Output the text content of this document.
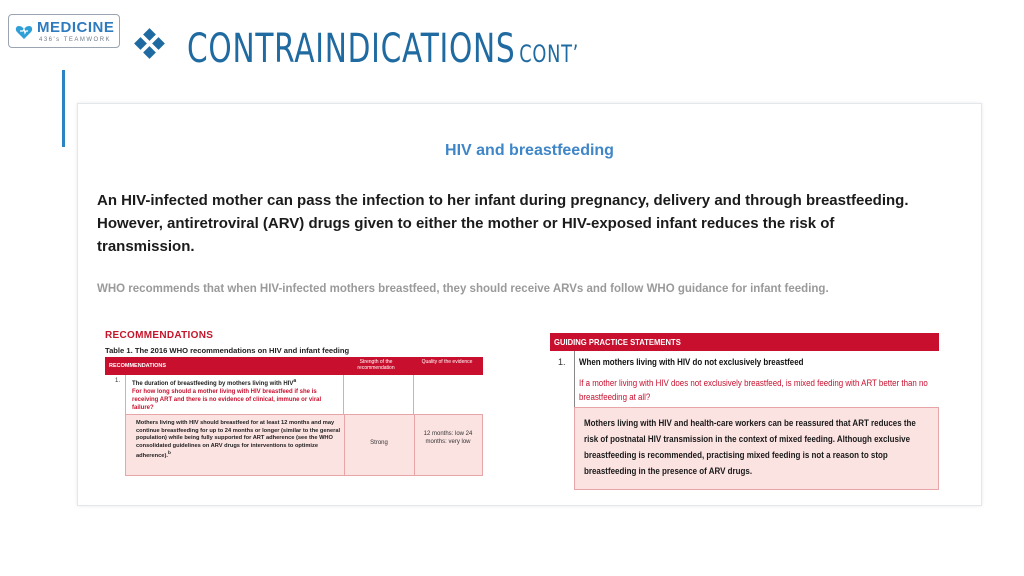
MEDICINE
436's TEAMWORK CONTRAINDICATIONS CONT’
HIV and breastfeeding
An HIV-infected mother can pass the infection to her infant during pregnancy, delivery and through breastfeeding. However, antiretroviral (ARV) drugs given to either the mother or HIV-exposed infant reduces the risk of transmission.
WHO recommends that when HIV-infected mothers breastfeed, they should receive ARVs and follow WHO guidance for infant feeding.
RECOMMENDATIONS
Table 1. The 2016 WHO recommendations on HIV and infant feeding
RECOMMENDATIONS
Strength of the recommendation
Quality of the evidence
1. The duration of breastfeeding by mothers living with HIV$^a$
For how long should a mother living with HIV breastfeed if she is receiving ART and there is no evidence of clinical, immune or viral failure?
Mothers living with HIV should breastfeed for at least 12 months and may continue breastfeeding for up to 24 months or longer (similar to the general population) while being fully supported for ART adherence (see the WHO consolidated guidelines on ARV drugs for interventions to optimize adherence).$^b$
Strong
12 months: low 24 months: very low
GUIDING PRACTICE STATEMENTS
1. When mothers living with HIV do not exclusively breastfeed
If a mother living with HIV does not exclusively breastfeed, is mixed feeding with ART better than no breastfeeding at all?
Mothers living with HIV and health-care workers can be reassured that ART reduces the risk of postnatal HIV transmission in the context of mixed feeding. Although exclusive breastfeeding is recommended, practising mixed feeding is not a reason to stop breastfeeding in the presence of ARV drugs.
